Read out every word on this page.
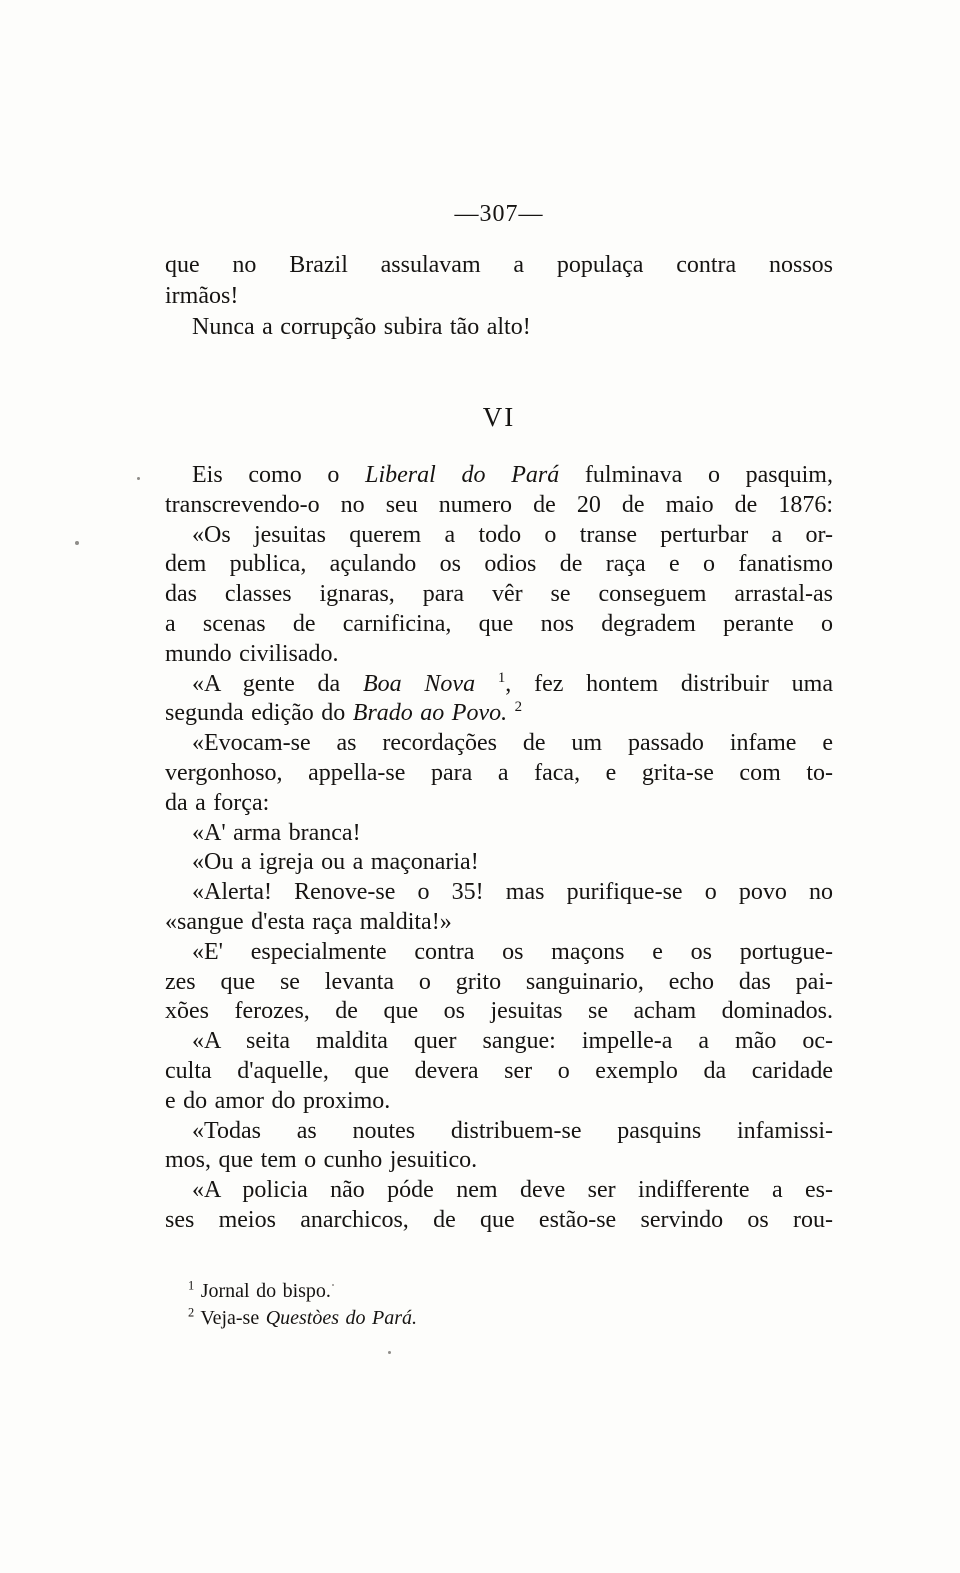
—307—
que no Brazil assulavam a populaça contra nossos
irmãos!
Nunca a corrupção subira tão alto!
VI
Eis como o Liberal do Pará fulminava o pasquim,
transcrevendo-o no seu numero de 20 de maio de 1876:
«Os jesuitas querem a todo o transe perturbar a or-
dem publica, açulando os odios de raça e o fanatismo
das classes ignaras, para vêr se conseguem arrastal-as
a scenas de carnificina, que nos degradem perante o
mundo civilisado.
«A gente da Boa Nova $^1$, fez hontem distribuir uma
segunda edição do Brado ao Povo. $^2$
«Evocam-se as recordações de um passado infame e
vergonhoso, appella-se para a faca, e grita-se com to-
da a força:
«A' arma branca!
«Ou a igreja ou a maçonaria!
«Alerta! Renove-se o 35! mas purifique-se o povo no
«sangue d'esta raça maldita!»
«E' especialmente contra os maçons e os portugue-
zes que se levanta o grito sanguinario, echo das pai-
xões ferozes, de que os jesuitas se acham dominados.
«A seita maldita quer sangue: impelle-a a mão oc-
culta d'aquelle, que devera ser o exemplo da caridade
e do amor do proximo.
«Todas as noutes distribuem-se pasquins infamissi-
mos, que tem o cunho jesuitico.
«A policia não póde nem deve ser indifferente a es-
ses meios anarchicos, de que estão-se servindo os rou-
$^1$ Jornal do bispo.
$^2$ Veja-se Questòes do Pará.
